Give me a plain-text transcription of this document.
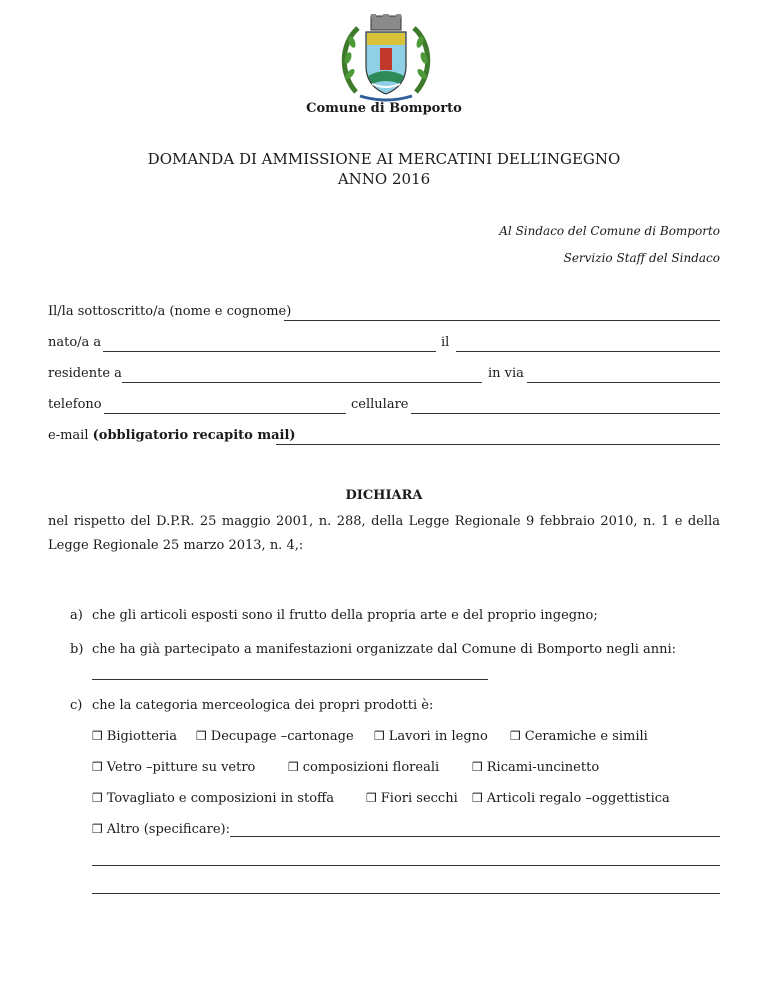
Comune di Bomporto
DOMANDA DI AMMISSIONE AI MERCATINI DELL’INGEGNO
ANNO 2016
Al Sindaco del Comune di Bomporto
Servizio Staff del Sindaco
Il/la sottoscritto/a (nome e cognome)
nato/a a	il
residente a	in via
telefono	cellulare
e-mail (obbligatorio recapito mail)
DICHIARA
nel rispetto del D.P.R. 25 maggio 2001, n. 288, della Legge Regionale 9 febbraio 2010, n. 1 e della Legge Regionale 25 marzo 2013, n. 4,:
a) che gli articoli esposti sono il frutto della propria arte e del proprio ingegno;
b) che ha già partecipato a manifestazioni organizzate dal Comune di Bomporto negli anni:
c) che la categoria merceologica dei propri prodotti è:
❒ Bigiotteria ❒ Decupage –cartonage ❒ Lavori in legno ❒ Ceramiche e simili
❒ Vetro –pitture su vetro	❒ composizioni floreali	❒ Ricami-uncinetto
❒ Tovagliato e composizioni in stoffa	❒ Fiori secchi ❒ Articoli regalo –oggettistica
❒ Altro (specificare):
